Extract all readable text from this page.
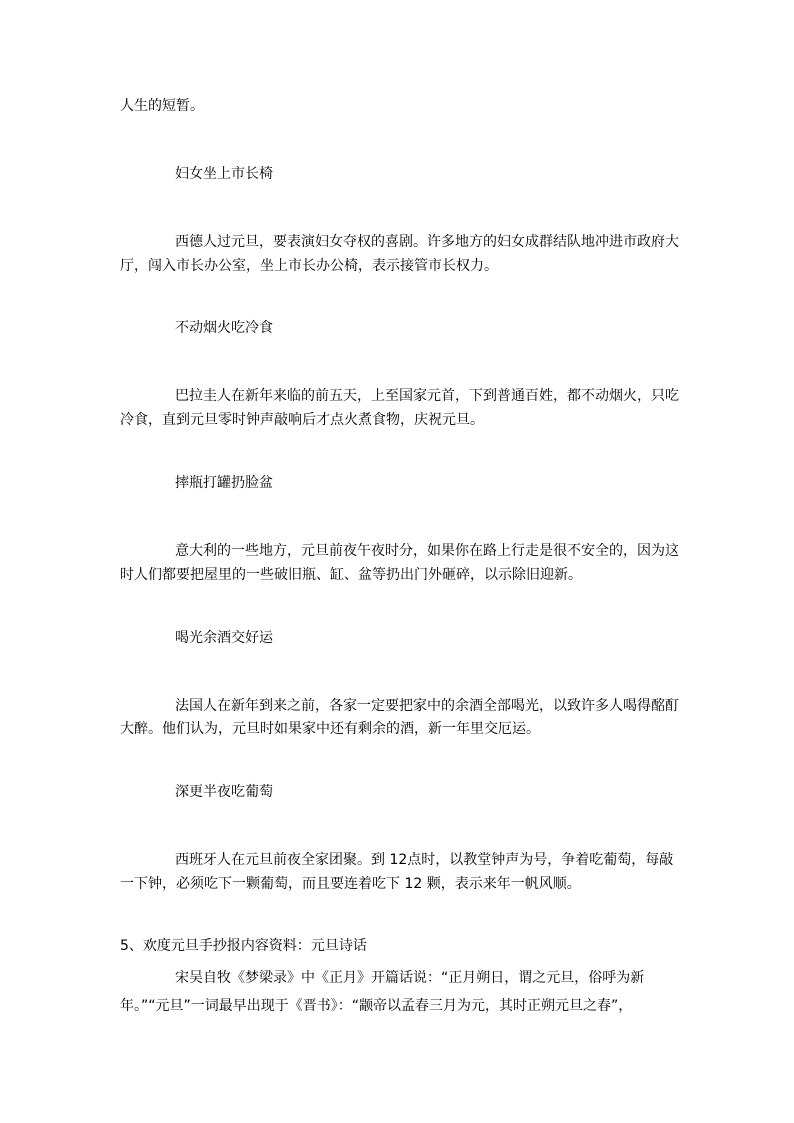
人生的短暂。

妇女坐上市长椅

西德人过元旦，要表演妇女夺权的喜剧。许多地方的妇女成群结队地冲进市政府大

厅，闯入市长办公室，坐上市长办公椅，表示接管市长权力。

不动烟火吃冷食

巴拉圭人在新年来临的前五天，上至国家元首，下到普通百姓，都不动烟火，只吃

冷食，直到元旦零时钟声敲响后才点火煮食物，庆祝元旦。

摔瓶打罐扔脸盆

意大利的一些地方，元旦前夜午夜时分，如果你在路上行走是很不安全的，因为这

时人们都要把屋里的一些破旧瓶、缸、盆等扔出门外砸碎，以示除旧迎新。

喝光余酒交好运

法国人在新年到来之前，各家一定要把家中的余酒全部喝光，以致许多人喝得酩酊

大醉。他们认为，元旦时如果家中还有剩余的酒，新一年里交厄运。

深更半夜吃葡萄

西班牙人在元旦前夜全家团聚。到 12点时，以教堂钟声为号，争着吃葡萄，每敲

一下钟，必须吃下一颗葡萄，而且要连着吃下 12 颗，表示来年一帆风顺。

5、欢度元旦手抄报内容资料：元旦诗话

宋吴自牧《梦梁录》中《正月》开篇话说：“正月朔日，谓之元旦，俗呼为新

年。”“元旦”一词最早出现于《晋书》：“颛帝以孟春三月为元，其时正朔元旦之春”，
